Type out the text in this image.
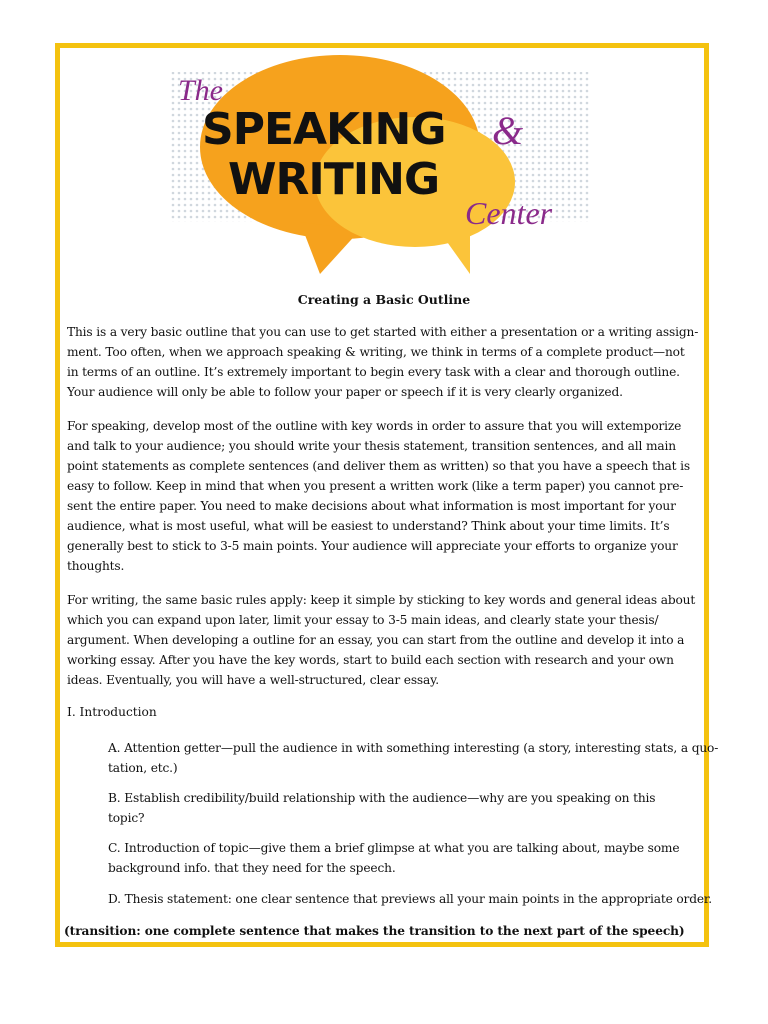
The
SPEAKING &
WRITING
Center
Creating a Basic Outline
This is a very basic outline that you can use to get started with either a presentation or a writing assign-
ment. Too often, when we approach speaking & writing, we think in terms of a complete product—not
in terms of an outline. It’s extremely important to begin every task with a clear and thorough outline.
Your audience will only be able to follow your paper or speech if it is very clearly organized.
For speaking, develop most of the outline with key words in order to assure that you will extemporize
and talk to your audience; you should write your thesis statement, transition sentences, and all main
point statements as complete sentences (and deliver them as written) so that you have a speech that is
easy to follow. Keep in mind that when you present a written work (like a term paper) you cannot pre-
sent the entire paper. You need to make decisions about what information is most important for your
audience, what is most useful, what will be easiest to understand? Think about your time limits. It’s
generally best to stick to 3-5 main points. Your audience will appreciate your efforts to organize your
thoughts.
For writing, the same basic rules apply: keep it simple by sticking to key words and general ideas about
which you can expand upon later, limit your essay to 3-5 main ideas, and clearly state your thesis/
argument. When developing a outline for an essay, you can start from the outline and develop it into a
working essay. After you have the key words, start to build each section with research and your own
ideas. Eventually, you will have a well-structured, clear essay.
I. Introduction
A. Attention getter—pull the audience in with something interesting (a story, interesting stats, a quo-
tation, etc.)
B. Establish credibility/build relationship with the audience—why are you speaking on this
topic?
C. Introduction of topic—give them a brief glimpse at what you are talking about, maybe some
background info. that they need for the speech.
D. Thesis statement: one clear sentence that previews all your main points in the appropriate order.
(transition: one complete sentence that makes the transition to the next part of the speech)
